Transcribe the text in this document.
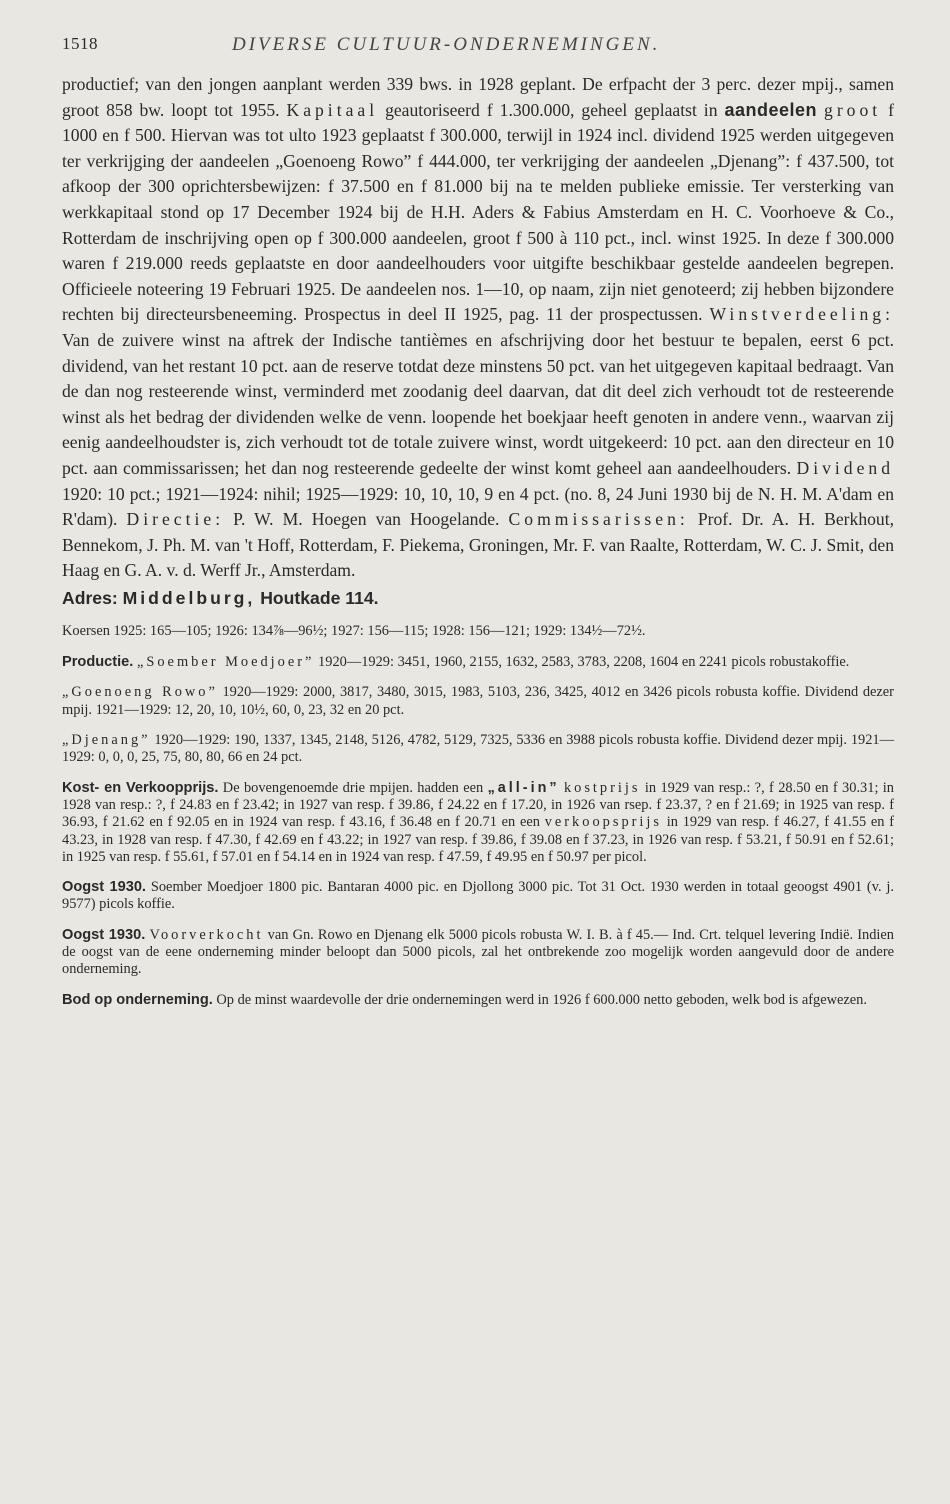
1518	DIVERSE CULTUUR-ONDERNEMINGEN.

productief; van den jongen aanplant werden 339 bws. in 1928 geplant. De erfpacht der 3 perc. dezer mpij., samen groot 858 bw. loopt tot 1955. Kapitaal geautoriseerd f 1.300.000, geheel geplaatst in aandeelen groot f 1000 en f 500. Hiervan was tot ulto 1923 geplaatst f 300.000, terwijl in 1924 incl. dividend 1925 werden uitgegeven ter verkrijging der aandeelen „Goenoeng Rowo” f 444.000, ter verkrijging der aandeelen „Djenang”: f 437.500, tot afkoop der 300 oprichtersbewijzen: f 37.500 en f 81.000 bij na te melden publieke emissie. Ter versterking van werkkapitaal stond op 17 December 1924 bij de H.H. Aders & Fabius Amsterdam en H. C. Voorhoeve & Co., Rotterdam de inschrijving open op f 300.000 aandeelen, groot f 500 à 110 pct., incl. winst 1925. In deze f 300.000 waren f 219.000 reeds geplaatste en door aandeelhouders voor uitgifte beschikbaar gestelde aandeelen begrepen. Officieele noteering 19 Februari 1925. De aandeelen nos. 1—10, op naam, zijn niet genoteerd; zij hebben bijzondere rechten bij directeursbeneeming. Prospectus in deel II 1925, pag. 11 der prospectussen. Winstverdeeling: Van de zuivere winst na aftrek der Indische tantièmes en afschrijving door het bestuur te bepalen, eerst 6 pct. dividend, van het restant 10 pct. aan de reserve totdat deze minstens 50 pct. van het uitgegeven kapitaal bedraagt. Van de dan nog resteerende winst, verminderd met zoodanig deel daarvan, dat dit deel zich verhoudt tot de resteerende winst als het bedrag der dividenden welke de venn. loopende het boekjaar heeft genoten in andere venn., waarvan zij eenig aandeelhoudster is, zich verhoudt tot de totale zuivere winst, wordt uitgekeerd: 10 pct. aan den directeur en 10 pct. aan commissarissen; het dan nog resteerende gedeelte der winst komt geheel aan aandeelhouders. Dividend 1920: 10 pct.; 1921—1924: nihil; 1925—1929: 10, 10, 10, 9 en 4 pct. (no. 8, 24 Juni 1930 bij de N. H. M. A'dam en R'dam). Directie: P. W. M. Hoegen van Hoogelande. Commissarissen: Prof. Dr. A. H. Berkhout, Bennekom, J. Ph. M. van 't Hoff, Rotterdam, F. Piekema, Groningen, Mr. F. van Raalte, Rotterdam, W. C. J. Smit, den Haag en G. A. v. d. Werff Jr., Amsterdam.

Adres: Middelburg, Houtkade 114.

Koersen 1925: 165—105; 1926: 134⅞—96½; 1927: 156—115; 1928: 156—121; 1929: 134½—72½.

Productie. „Soember Moedjoer” 1920—1929: 3451, 1960, 2155, 1632, 2583, 3783, 2208, 1604 en 2241 picols robustakoffie.

„Goenoeng Rowo” 1920—1929: 2000, 3817, 3480, 3015, 1983, 5103, 236, 3425, 4012 en 3426 picols robusta koffie. Dividend dezer mpij. 1921—1929: 12, 20, 10, 10½, 60, 0, 23, 32 en 20 pct.

„Djenang” 1920—1929: 190, 1337, 1345, 2148, 5126, 4782, 5129, 7325, 5336 en 3988 picols robusta koffie. Dividend dezer mpij. 1921—1929: 0, 0, 0, 25, 75, 80, 80, 66 en 24 pct.

Kost- en Verkoopprijs. De bovengenoemde drie mpijen. hadden een „all-in” kostprijs in 1929 van resp.: ?, f 28.50 en f 30.31; in 1928 van resp.: ?, f 24.83 en f 23.42; in 1927 van resp. f 39.86, f 24.22 en f 17.20, in 1926 van rsep. f 23.37, ? en f 21.69; in 1925 van resp. f 36.93, f 21.62 en f 92.05 en in 1924 van resp. f 43.16, f 36.48 en f 20.71 en een verkoopsprijs in 1929 van resp. f 46.27, f 41.55 en f 43.23, in 1928 van resp. f 47.30, f 42.69 en f 43.22; in 1927 van resp. f 39.86, f 39.08 en f 37.23, in 1926 van resp. f 53.21, f 50.91 en f 52.61; in 1925 van resp. f 55.61, f 57.01 en f 54.14 en in 1924 van resp. f 47.59, f 49.95 en f 50.97 per picol.

Oogst 1930. Soember Moedjoer 1800 pic. Bantaran 4000 pic. en Djollong 3000 pic. Tot 31 Oct. 1930 werden in totaal geoogst 4901 (v. j. 9577) picols koffie.

Oogst 1930. Voorverkocht van Gn. Rowo en Djenang elk 5000 picols robusta W. I. B. à f 45.— Ind. Crt. telquel levering Indië. Indien de oogst van de eene onderneming minder beloopt dan 5000 picols, zal het ontbrekende zoo mogelijk worden aangevuld door de andere onderneming.

Bod op onderneming. Op de minst waardevolle der drie ondernemingen werd in 1926 f 600.000 netto geboden, welk bod is afgewezen.
